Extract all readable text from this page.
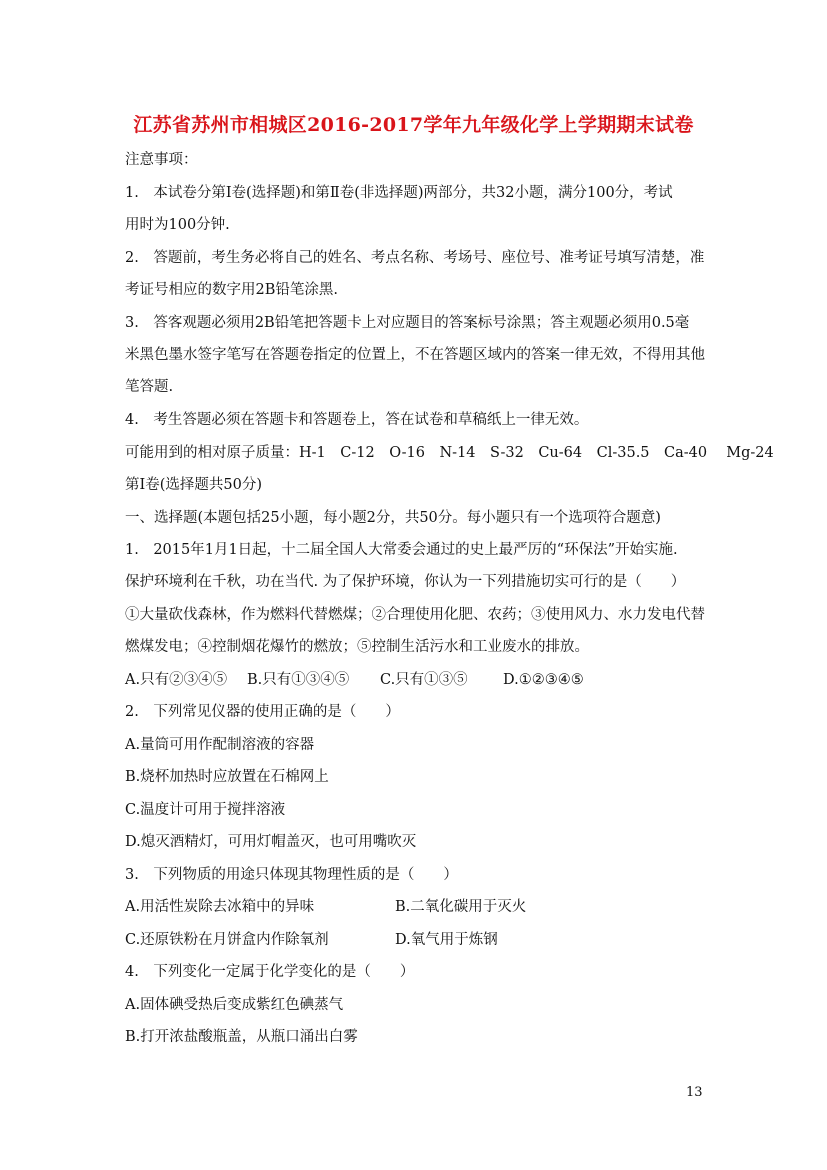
江苏省苏州市相城区2016-2017学年九年级化学上学期期末试卷
注意事项：
1.　本试卷分第Ⅰ卷(选择题)和第Ⅱ卷(非选择题)两部分，共32小题，满分100分，考试
用时为100分钟.
2.　答题前，考生务必将自己的姓名、考点名称、考场号、座位号、准考证号填写清楚，准
考证号相应的数字用2B铅笔涂黑.
3.　答客观题必须用2B铅笔把答题卡上对应题目的答案标号涂黑；答主观题必须用0.5毫
米黑色墨水签字笔写在答题卷指定的位置上，不在答题区域内的答案一律无效，不得用其他
笔答题.
4.　考生答题必须在答题卡和答题卷上，答在试卷和草稿纸上一律无效。
可能用到的相对原子质量：H-1　C-12　O-16　N-14　S-32　Cu-64　Cl-35.5　Ca-40　 Mg-24
第Ⅰ卷(选择题共50分)
一、选择题(本题包括25小题，每小题2分，共50分。每小题只有一个选项符合题意)
1.　2015年1月1日起，十二届全国人大常委会通过的史上最严厉的“环保法”开始实施.
保护环境利在千秋，功在当代. 为了保护环境，你认为一下列措施切实可行的是（　　）
①大量砍伐森林，作为燃料代替燃煤；②合理使用化肥、农药；③使用风力、水力发电代替
燃煤发电；④控制烟花爆竹的燃放；⑤控制生活污水和工业废水的排放。
A.只有②③④⑤ B.只有①③④⑤ C.只有①③⑤ D.①②③④⑤
2.　下列常见仪器的使用正确的是（　　）
A.量筒可用作配制溶液的容器
B.烧杯加热时应放置在石棉网上
C.温度计可用于搅拌溶液
D.熄灭酒精灯，可用灯帽盖灭，也可用嘴吹灭
3.　下列物质的用途只体现其物理性质的是（　　）
A.用活性炭除去冰箱中的异味	B.二氧化碳用于灭火
C.还原铁粉在月饼盒内作除氧剂	D.氧气用于炼钢
4.　下列变化一定属于化学变化的是（　　）
A.固体碘受热后变成紫红色碘蒸气
B.打开浓盐酸瓶盖，从瓶口涌出白雾
13
